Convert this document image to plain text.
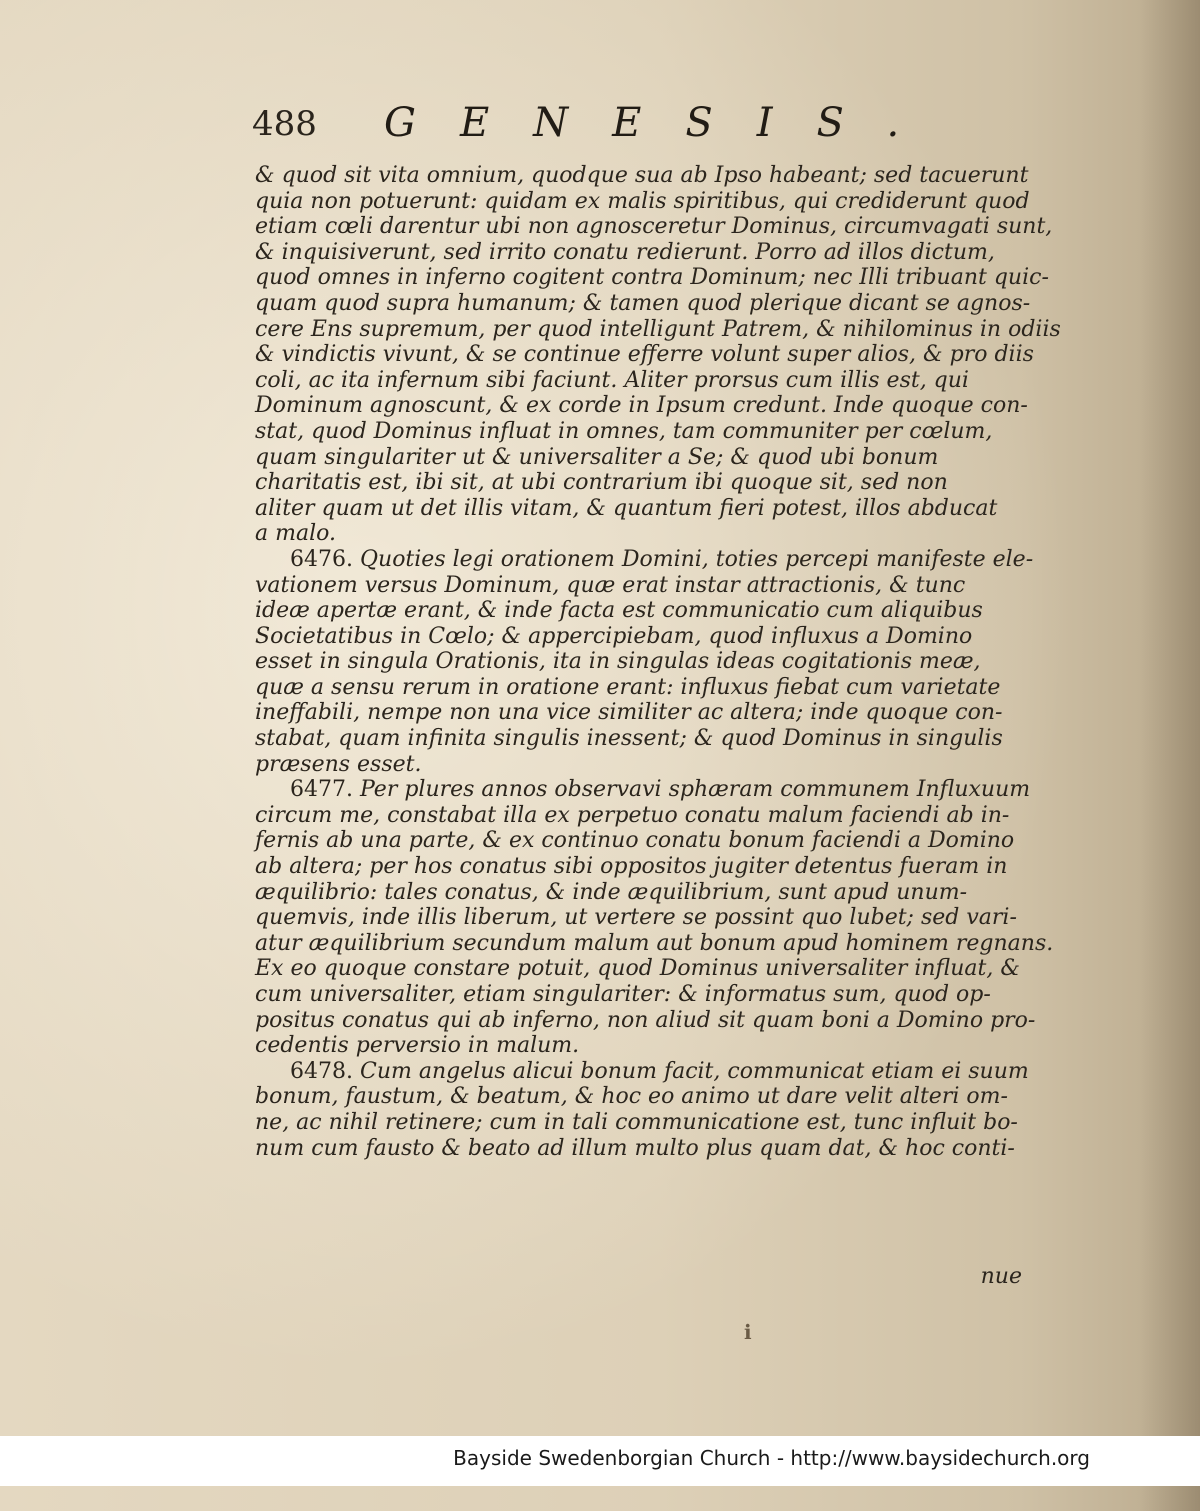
488 GENESIS.
& quod sit vita omnium, quodque sua ab Ipso habeant; sed tacuerunt
quia non potuerunt: quidam ex malis spiritibus, qui crediderunt quod
etiam cœli darentur ubi non agnosceretur Dominus, circumvagati sunt,
& inquisiverunt, sed irrito conatu redierunt. Porro ad illos dictum,
quod omnes in inferno cogitent contra Dominum; nec Illi tribuant quic-
quam quod supra humanum; & tamen quod plerique dicant se agnos-
cere Ens supremum, per quod intelligunt Patrem, & nihilominus in odiis
& vindictis vivunt, & se continue efferre volunt super alios, & pro diis
coli, ac ita infernum sibi faciunt. Aliter prorsus cum illis est, qui
Dominum agnoscunt, & ex corde in Ipsum credunt. Inde quoque con-
stat, quod Dominus influat in omnes, tam communiter per cœlum,
quam singulariter ut & universaliter a Se; & quod ubi bonum
charitatis est, ibi sit, at ubi contrarium ibi quoque sit, sed non
aliter quam ut det illis vitam, & quantum fieri potest, illos abducat
a malo.
6476. Quoties legi orationem Domini, toties percepi manifeste ele-
vationem versus Dominum, quæ erat instar attractionis, & tunc
ideæ apertæ erant, & inde facta est communicatio cum aliquibus
Societatibus in Cœlo; & appercipiebam, quod influxus a Domino
esset in singula Orationis, ita in singulas ideas cogitationis meæ,
quæ a sensu rerum in oratione erant: influxus fiebat cum varietate
ineffabili, nempe non una vice similiter ac altera; inde quoque con-
stabat, quam infinita singulis inessent; & quod Dominus in singulis
præsens esset.
6477. Per plures annos observavi sphæram communem Influxuum
circum me, constabat illa ex perpetuo conatu malum faciendi ab in-
fernis ab una parte, & ex continuo conatu bonum faciendi a Domino
ab altera; per hos conatus sibi oppositos jugiter detentus fueram in
æquilibrio: tales conatus, & inde æquilibrium, sunt apud unum-
quemvis, inde illis liberum, ut vertere se possint quo lubet; sed vari-
atur æquilibrium secundum malum aut bonum apud hominem regnans.
Ex eo quoque constare potuit, quod Dominus universaliter influat, &
cum universaliter, etiam singulariter: & informatus sum, quod op-
positus conatus qui ab inferno, non aliud sit quam boni a Domino pro-
cedentis perversio in malum.
6478. Cum angelus alicui bonum facit, communicat etiam ei suum
bonum, faustum, & beatum, & hoc eo animo ut dare velit alteri om-
ne, ac nihil retinere; cum in tali communicatione est, tunc influit bo-
num cum fausto & beato ad illum multo plus quam dat, & hoc conti-
nue
ℹ
Bayside Swedenborgian Church - http://www.baysidechurch.org
